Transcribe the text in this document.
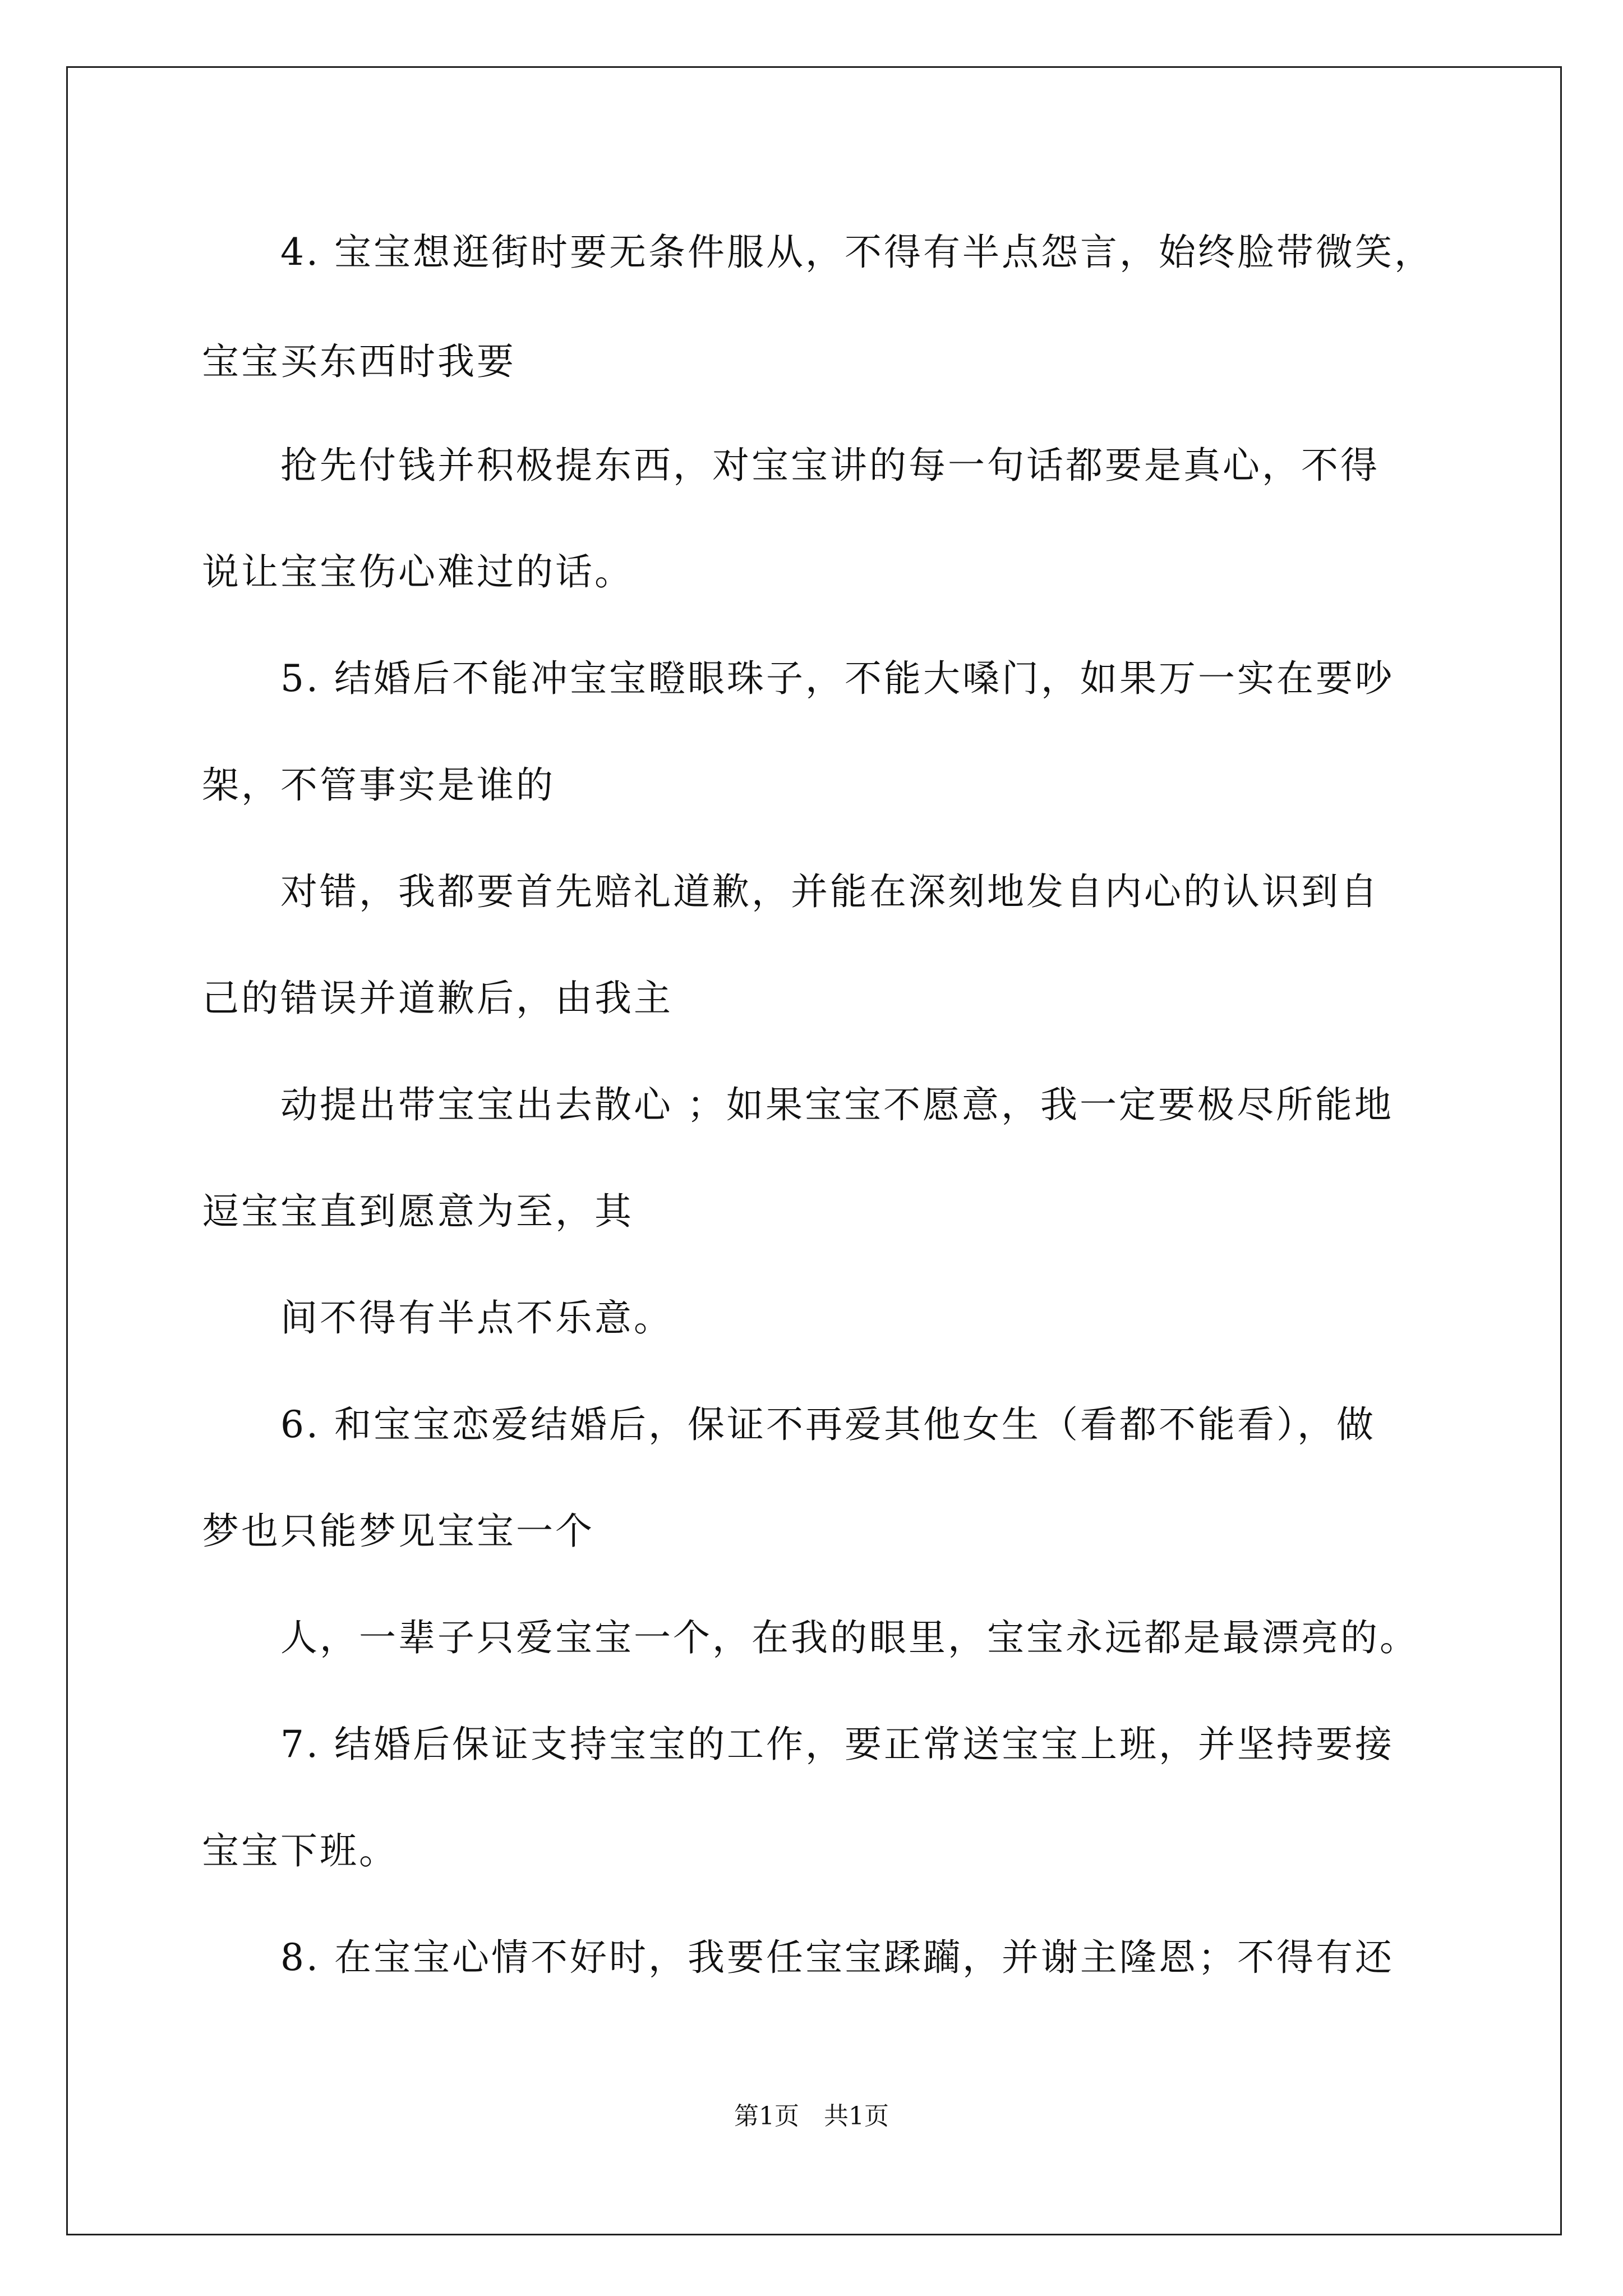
4. 宝宝想逛街时要无条件服从，不得有半点怨言，始终脸带微笑，
宝宝买东西时我要
抢先付钱并积极提东西，对宝宝讲的每一句话都要是真心，不得
说让宝宝伤心难过的话。
5. 结婚后不能冲宝宝瞪眼珠子，不能大嗓门，如果万一实在要吵
架，不管事实是谁的
对错，我都要首先赔礼道歉，并能在深刻地发自内心的认识到自
己的错误并道歉后，由我主
动提出带宝宝出去散心 ；如果宝宝不愿意，我一定要极尽所能地
逗宝宝直到愿意为至，其
间不得有半点不乐意。
6. 和宝宝恋爱结婚后，保证不再爱其他女生（看都不能看），做
梦也只能梦见宝宝一个
人，一辈子只爱宝宝一个，在我的眼里，宝宝永远都是最漂亮的。
7. 结婚后保证支持宝宝的工作，要正常送宝宝上班，并坚持要接
宝宝下班。
8. 在宝宝心情不好时，我要任宝宝蹂躏，并谢主隆恩；不得有还
第1页　共1页
